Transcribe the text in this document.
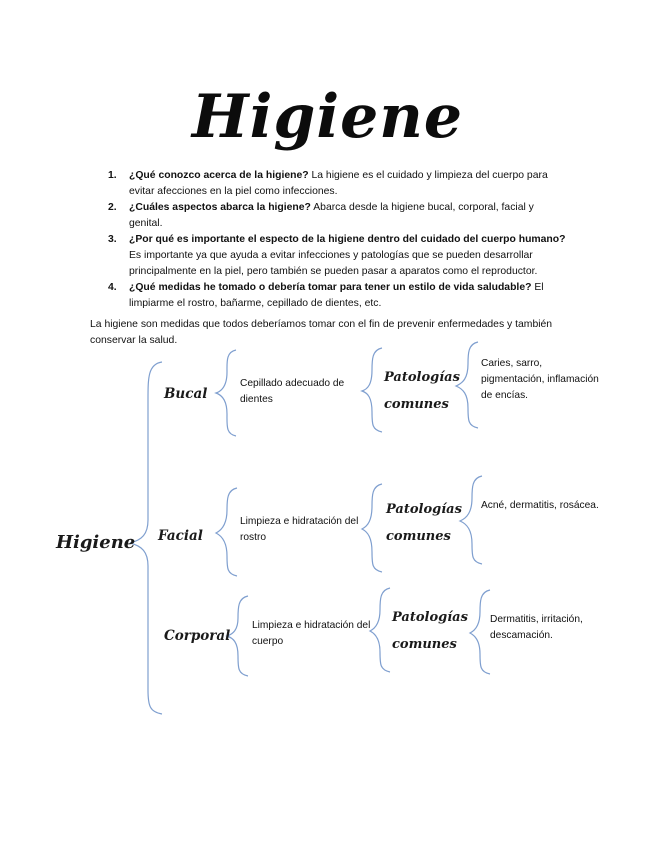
Higiene
1. ¿Qué conozco acerca de la higiene? La higiene es el cuidado y limpieza del cuerpo para evitar afecciones en la piel como infecciones.
2. ¿Cuáles aspectos abarca la higiene? Abarca desde la higiene bucal, corporal, facial y genital.
3. ¿Por qué es importante el especto de la higiene dentro del cuidado del cuerpo humano? Es importante ya que ayuda a evitar infecciones y patologías que se pueden desarrollar principalmente en la piel, pero también se pueden pasar a aparatos como el reproductor.
4. ¿Qué medidas he tomado o debería tomar para tener un estilo de vida saludable? El limpiarme el rostro, bañarme, cepillado de dientes, etc.
La higiene son medidas que todos deberíamos tomar con el fin de prevenir enfermedades y también conservar la salud.
Higiene
Bucal
Cepillado adecuado de dientes
Patologías comunes
Caries, sarro, pigmentación, inflamación de encías.
Facial
Limpieza e hidratación del rostro
Patologías comunes
Acné, dermatitis, rosácea.
Corporal
Limpieza e hidratación del cuerpo
Patologías comunes
Dermatitis, irritación, descamación.
